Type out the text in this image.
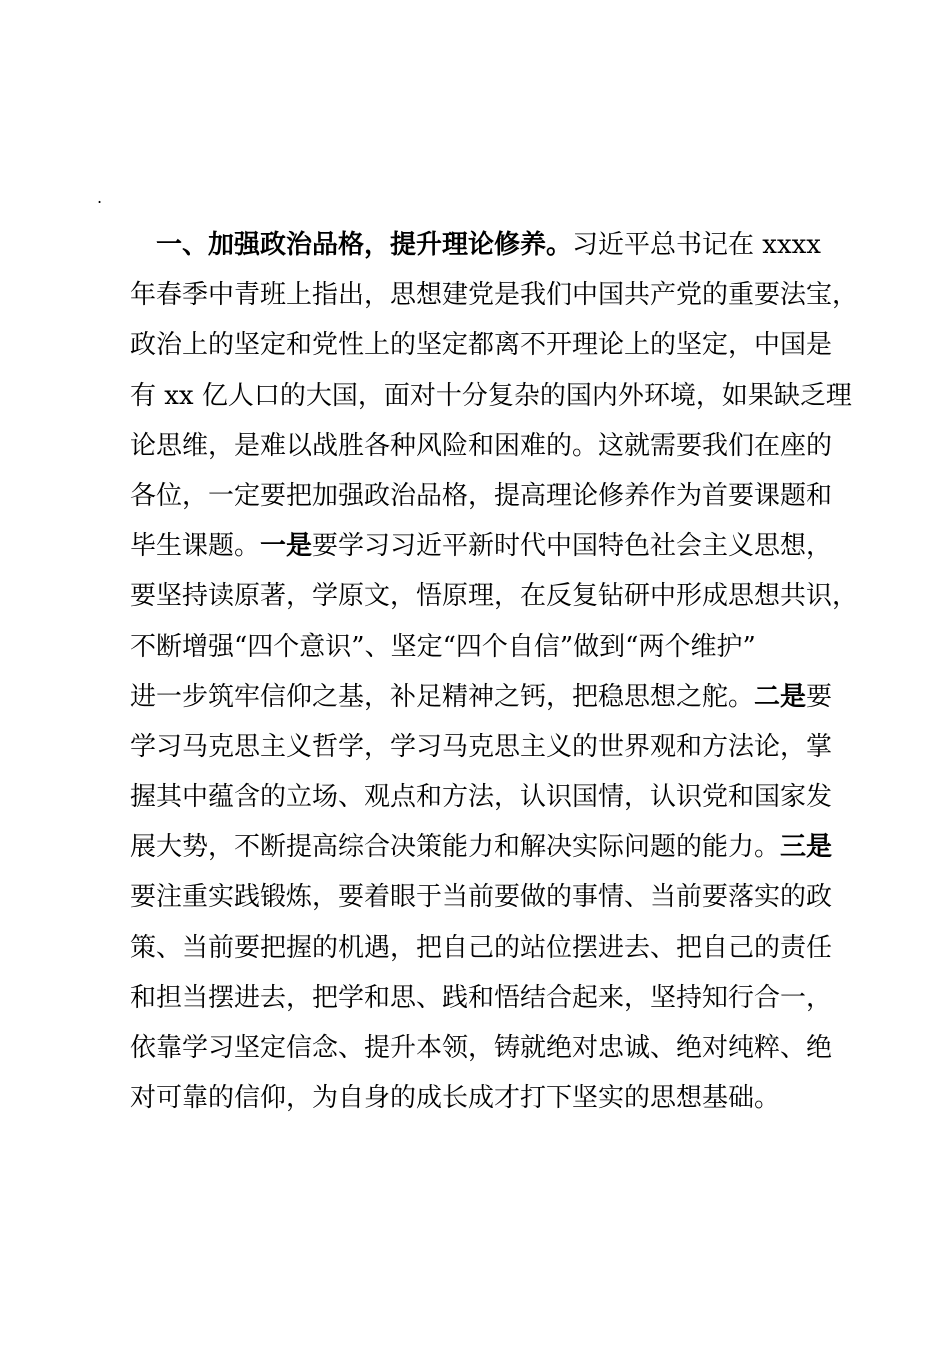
.
　一、加强政治品格，提升理论修养。习近平总书记在 xxxx
年春季中青班上指出，思想建党是我们中国共产党的重要法宝，
政治上的坚定和党性上的坚定都离不开理论上的坚定，中国是
有 xx 亿人口的大国，面对十分复杂的国内外环境，如果缺乏理
论思维，是难以战胜各种风险和困难的。这就需要我们在座的
各位，一定要把加强政治品格，提高理论修养作为首要课题和
毕生课题。一是要学习习近平新时代中国特色社会主义思想，
要坚持读原著，学原文，悟原理，在反复钻研中形成思想共识，
不断增强“四个意识”、坚定“四个自信”做到“两个维护”
进一步筑牢信仰之基，补足精神之钙，把稳思想之舵。二是要
学习马克思主义哲学，学习马克思主义的世界观和方法论，掌
握其中蕴含的立场、观点和方法，认识国情，认识党和国家发
展大势，不断提高综合决策能力和解决实际问题的能力。三是
要注重实践锻炼，要着眼于当前要做的事情、当前要落实的政
策、当前要把握的机遇，把自己的站位摆进去、把自己的责任
和担当摆进去，把学和思、践和悟结合起来，坚持知行合一，
依靠学习坚定信念、提升本领，铸就绝对忠诚、绝对纯粹、绝
对可靠的信仰，为自身的成长成才打下坚实的思想基础。
